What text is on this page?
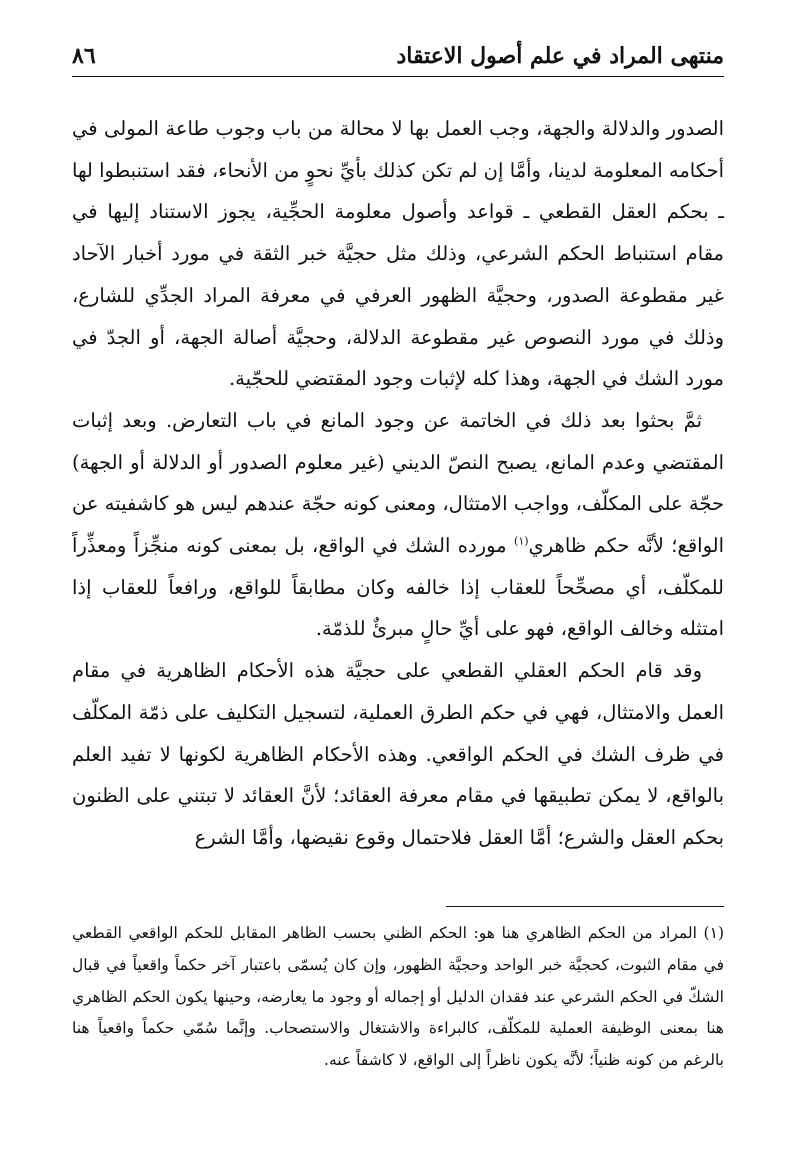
منتهى المراد في علم أصول الاعتقاد
٨٦

الصدور والدلالة والجهة، وجب العمل بها لا محالة من باب وجوب طاعة المولى في أحكامه المعلومة لدينا، وأمَّا إن لم تكن كذلك بأيِّ نحوٍ من الأنحاء، فقد استنبطوا لها ـ بحكم العقل القطعي ـ قواعد وأصول معلومة الحجِّية، يجوز الاستناد إليها في مقام استنباط الحكم الشرعي، وذلك مثل حجيَّة خبر الثقة في مورد أخبار الآحاد غير مقطوعة الصدور، وحجيَّة الظهور العرفي في معرفة المراد الجدِّي للشارع، وذلك في مورد النصوص غير مقطوعة الدلالة، وحجيَّة أصالة الجهة، أو الجدّ في مورد الشك في الجهة، وهذا كله لإثبات وجود المقتضي للحجّية.

ثمَّ بحثوا بعد ذلك في الخاتمة عن وجود المانع في باب التعارض. وبعد إثبات المقتضي وعدم المانع، يصبح النصّ الديني (غير معلوم الصدور أو الدلالة أو الجهة) حجّة على المكلّف، وواجب الامتثال، ومعنى كونه حجّة عندهم ليس هو كاشفيته عن الواقع؛ لأنَّه حكم ظاهري$^{(١)}$ مورده الشك في الواقع، بل بمعنى كونه منجِّزاً ومعذِّراً للمكلّف، أي مصحِّحاً للعقاب إذا خالفه وكان مطابقاً للواقع، ورافعاً للعقاب إذا امتثله وخالف الواقع، فهو على أيِّ حالٍ مبرئٌ للذمّة.

وقد قام الحكم العقلي القطعي على حجيَّة هذه الأحكام الظاهرية في مقام العمل والامتثال، فهي في حكم الطرق العملية، لتسجيل التكليف على ذمّة المكلّف في ظرف الشك في الحكم الواقعي. وهذه الأحكام الظاهرية لكونها لا تفيد العلم بالواقع، لا يمكن تطبيقها في مقام معرفة العقائد؛ لأنَّ العقائد لا تبتني على الظنون بحكم العقل والشرع؛ أمَّا العقل فلاحتمال وقوع نقيضها، وأمَّا الشرع

(١) المراد من الحكم الظاهري هنا هو: الحكم الظني بحسب الظاهر المقابل للحكم الواقعي القطعي في مقام الثبوت، كحجيَّة خبر الواحد وحجيَّة الظهور، وإن كان يُسمّى باعتبار آخر حكماً واقعياً في قبال الشكّ في الحكم الشرعي عند فقدان الدليل أو إجماله أو وجود ما يعارضه، وحينها يكون الحكم الظاهري هنا بمعنى الوظيفة العملية للمكلّف، كالبراءة والاشتغال والاستصحاب. وإنَّما سُمّي حكماً واقعياً هنا بالرغم من كونه ظنياً؛ لأنَّه يكون ناظراً إلى الواقع، لا كاشفاً عنه.
